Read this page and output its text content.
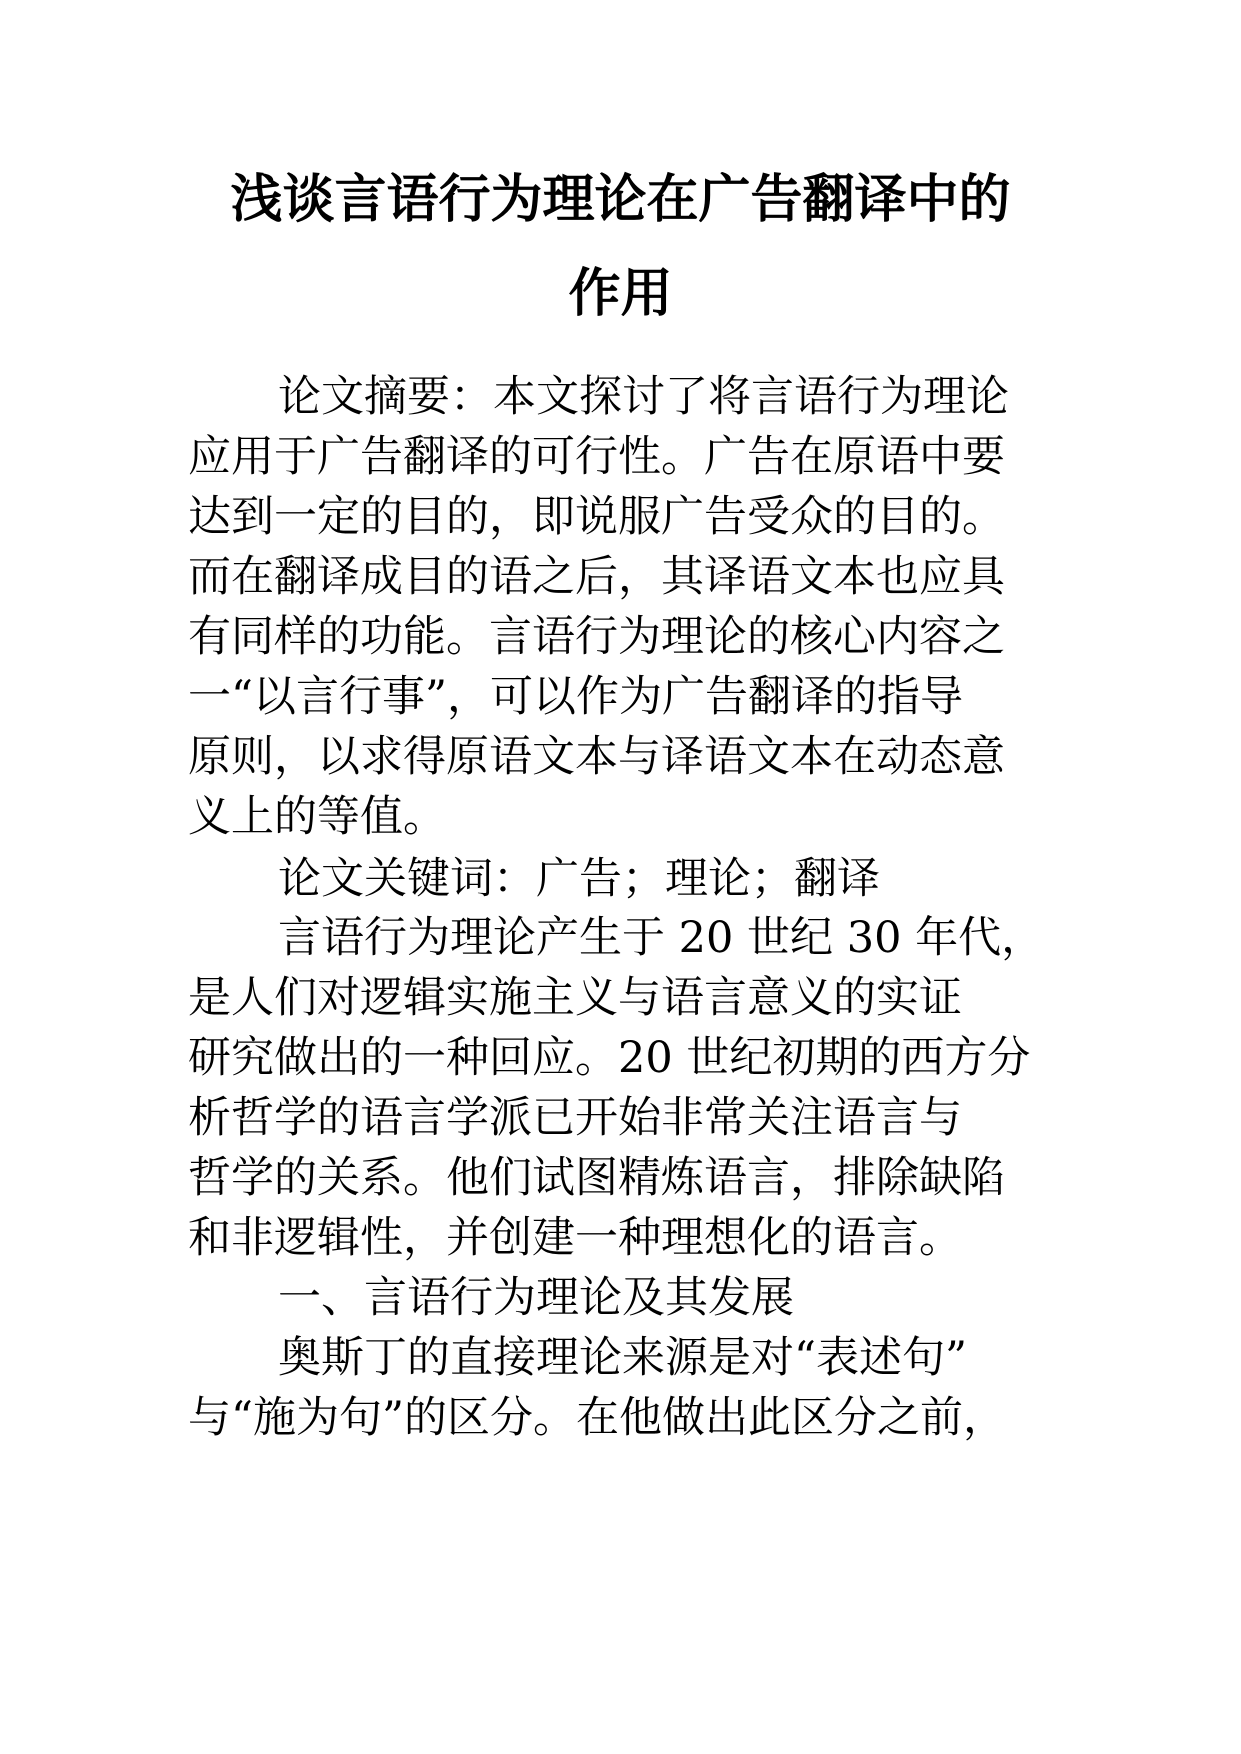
浅谈言语行为理论在广告翻译中的
作用
论文摘要：本文探讨了将言语行为理论
应用于广告翻译的可行性。广告在原语中要
达到一定的目的，即说服广告受众的目的。
而在翻译成目的语之后，其译语文本也应具
有同样的功能。言语行为理论的核心内容之
一“以言行事”，可以作为广告翻译的指导
原则，以求得原语文本与译语文本在动态意
义上的等值。
论文关键词：广告；理论；翻译
言语行为理论产生于 20 世纪 30 年代，
是人们对逻辑实施主义与语言意义的实证
研究做出的一种回应。20 世纪初期的西方分
析哲学的语言学派已开始非常关注语言与
哲学的关系。他们试图精炼语言，排除缺陷
和非逻辑性，并创建一种理想化的语言。
一、言语行为理论及其发展
奥斯丁的直接理论来源是对“表述句”
与“施为句”的区分。在他做出此区分之前，
